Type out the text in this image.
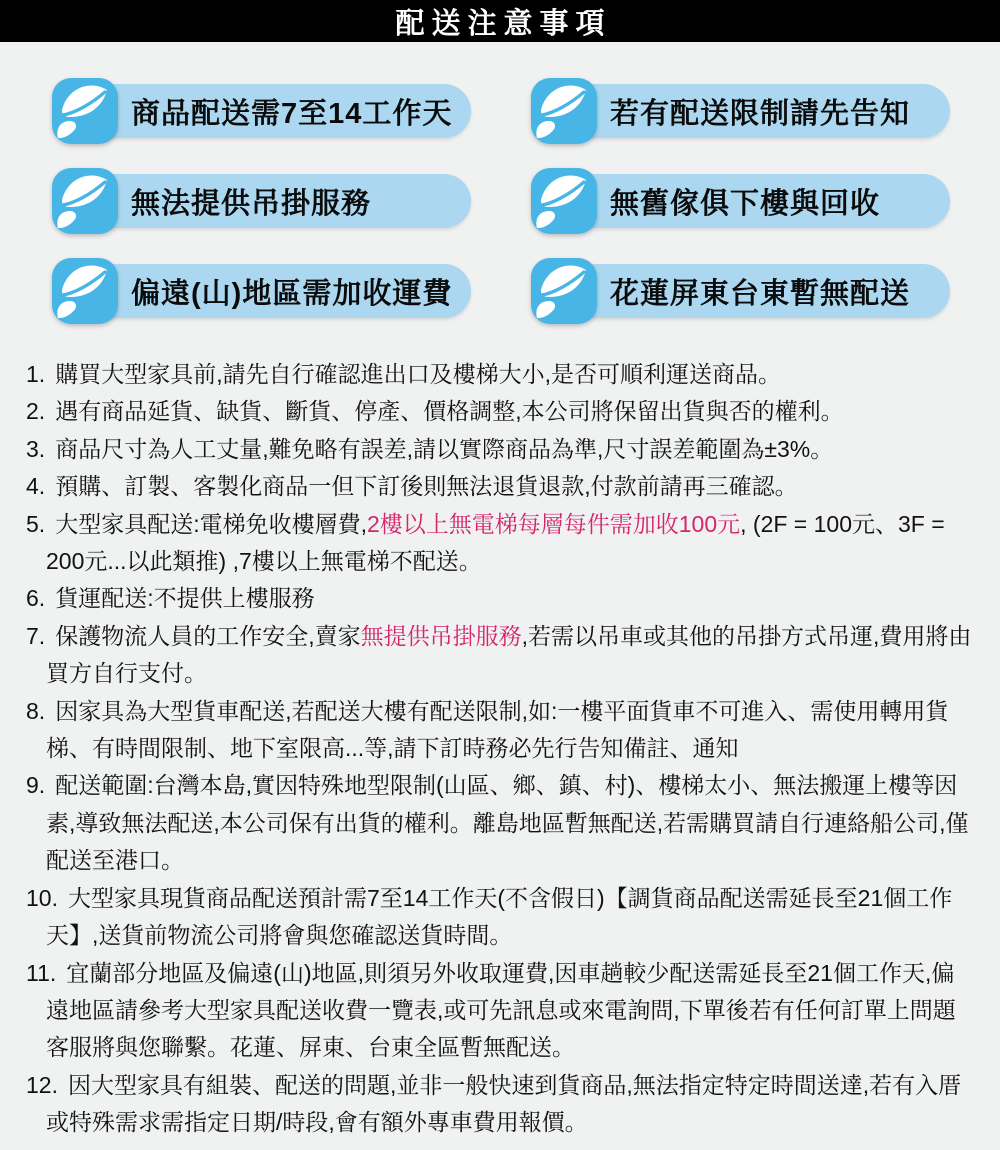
配送注意事項
商品配送需7至14工作天	若有配送限制請先告知
無法提供吊掛服務	無舊傢俱下樓與回收
偏遠(山)地區需加收運費	花蓮屏東台東暫無配送
1. 購買大型家具前,請先自行確認進出口及樓梯大小,是否可順利運送商品。
2. 遇有商品延貨、缺貨、斷貨、停產、價格調整,本公司將保留出貨與否的權利。
3. 商品尺寸為人工丈量,難免略有誤差,請以實際商品為準,尺寸誤差範圍為±3%。
4. 預購、訂製、客製化商品一但下訂後則無法退貨退款,付款前請再三確認。
5. 大型家具配送:電梯免收樓層費,2樓以上無電梯每層每件需加收100元, (2F = 100元、3F = 200元...以此類推) ,7樓以上無電梯不配送。
6. 貨運配送:不提供上樓服務
7. 保護物流人員的工作安全,賣家無提供吊掛服務,若需以吊車或其他的吊掛方式吊運,費用將由買方自行支付。
8. 因家具為大型貨車配送,若配送大樓有配送限制,如:一樓平面貨車不可進入、需使用轉用貨梯、有時間限制、地下室限高...等,請下訂時務必先行告知備註、通知
9. 配送範圍:台灣本島,實因特殊地型限制(山區、鄉、鎮、村)、樓梯太小、無法搬運上樓等因素,導致無法配送,本公司保有出貨的權利。離島地區暫無配送,若需購買請自行連絡船公司,僅配送至港口。
10. 大型家具現貨商品配送預計需7至14工作天(不含假日)【調貨商品配送需延長至21個工作天】,送貨前物流公司將會與您確認送貨時間。
11. 宜蘭部分地區及偏遠(山)地區,則須另外收取運費,因車趟較少配送需延長至21個工作天,偏遠地區請參考大型家具配送收費一覽表,或可先訊息或來電詢問,下單後若有任何訂單上問題客服將與您聯繫。花蓮、屏東、台東全區暫無配送。
12. 因大型家具有組裝、配送的問題,並非一般快速到貨商品,無法指定特定時間送達,若有入厝或特殊需求需指定日期/時段,會有額外專車費用報價。
